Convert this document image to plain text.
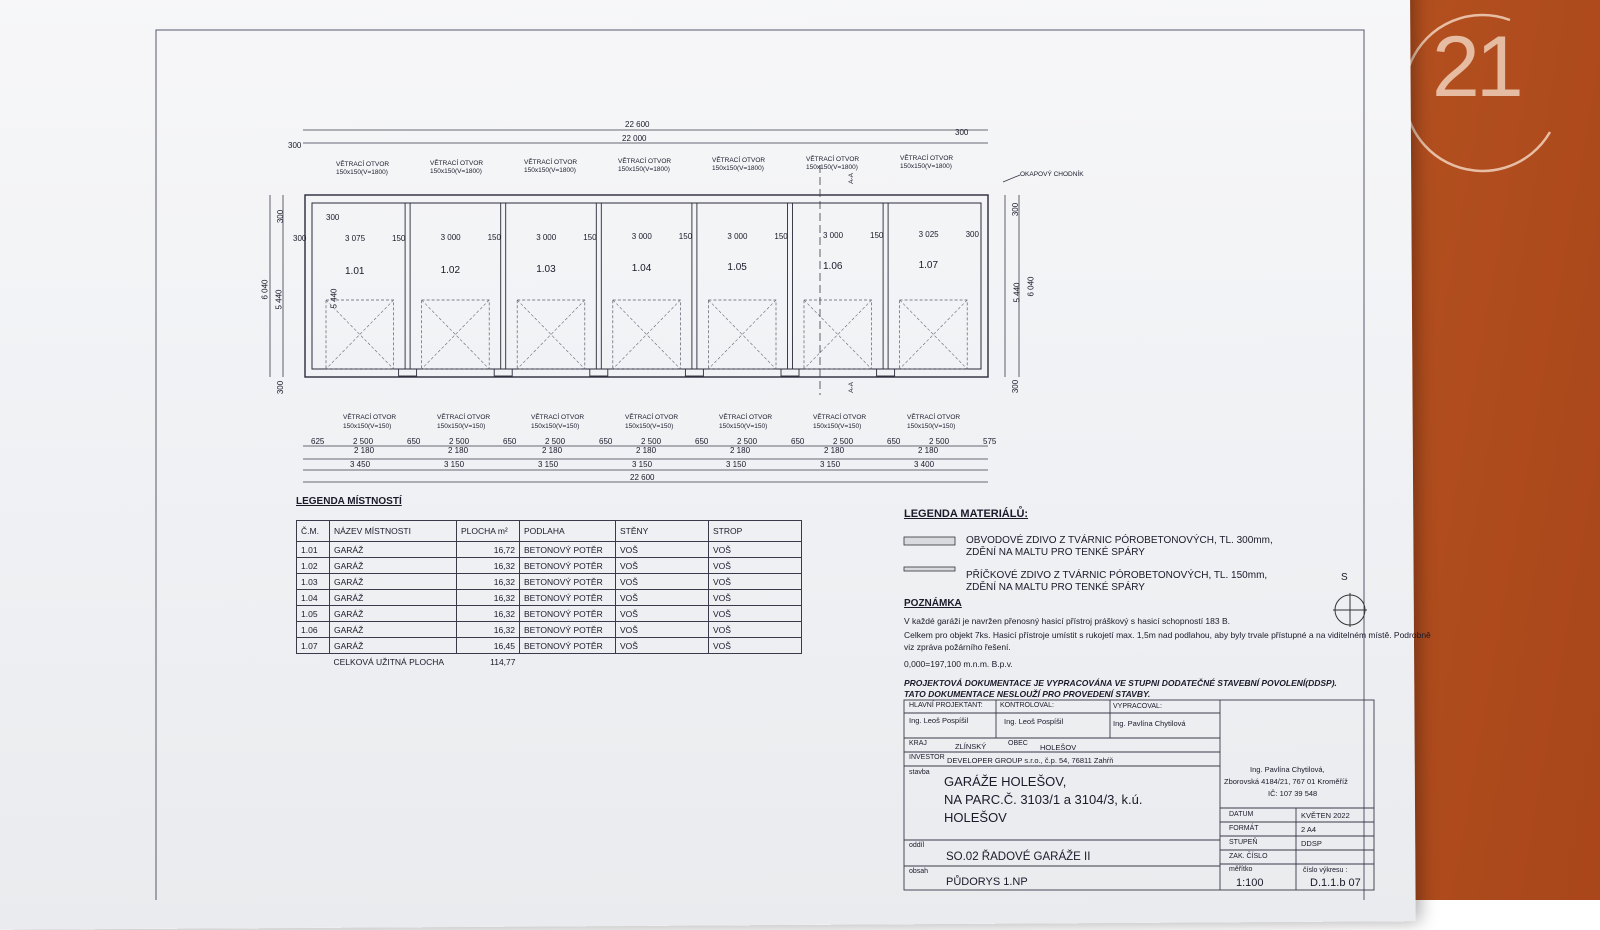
21
22 600
22 000
300
300
VĚTRACÍ OTVOR
150x150(V=1800)
VĚTRACÍ OTVOR
150x150(V=1800)
VĚTRACÍ OTVOR
150x150(V=1800)
VĚTRACÍ OTVOR
150x150(V=1800)
VĚTRACÍ OTVOR
150x150(V=1800)
VĚTRACÍ OTVOR
150x150(V=1800)
VĚTRACÍ OTVOR
150x150(V=1800)
VĚTRACÍ OTVOR
150x150(V=150)
VĚTRACÍ OTVOR
150x150(V=150)
VĚTRACÍ OTVOR
150x150(V=150)
VĚTRACÍ OTVOR
150x150(V=150)
VĚTRACÍ OTVOR
150x150(V=150)
VĚTRACÍ OTVOR
150x150(V=150)
VĚTRACÍ OTVOR
150x150(V=150)
1.01
3 075	150
1.02
3 000	150
1.03
3 000	150
1.04
3 000	150
1.05
3 000	150
1.06
3 000	150
1.07
3 025	300
OKAPOVÝ CHODNÍK
A-A
A-A
6 040 5 440
300
300
5 440
300
300
6 040
5 440
300
300
625	2 500	650	2 500	650	2 500	650	2 500	650	2 500	650	2 500	650	2 500	575
2 180	2 180	2 180	2 180	2 180	2 180	2 180
3 450	3 150	3 150	3 150	3 150	3 150	3 400
22 600
LEGENDA MÍSTNOSTÍ
Č.M.	NÁZEV MÍSTNOSTI	PLOCHA m²	PODLAHA	STĚNY	STROP
1.01	GARÁŽ	16,72	BETONOVÝ POTĚR	VOŠ	VOŠ
1.02	GARÁŽ	16,32	BETONOVÝ POTĚR	VOŠ	VOŠ
1.03	GARÁŽ	16,32	BETONOVÝ POTĚR	VOŠ	VOŠ
1.04	GARÁŽ	16,32	BETONOVÝ POTĚR	VOŠ	VOŠ
1.05	GARÁŽ	16,32	BETONOVÝ POTĚR	VOŠ	VOŠ
1.06	GARÁŽ	16,32	BETONOVÝ POTĚR	VOŠ	VOŠ
1.07	GARÁŽ	16,45	BETONOVÝ POTĚR	VOŠ	VOŠ
	CELKOVÁ UŽITNÁ PLOCHA	114,77			
LEGENDA MATERIÁLŮ:
OBVODOVÉ ZDIVO Z TVÁRNIC PÓROBETONOVÝCH, TL. 300mm,
ZDĚNÍ NA MALTU PRO TENKÉ SPÁRY
PŘÍČKOVÉ ZDIVO Z TVÁRNIC PÓROBETONOVÝCH, TL. 150mm,
ZDĚNÍ NA MALTU PRO TENKÉ SPÁRY
S
POZNÁMKA
V každé garáži je navržen přenosný hasicí přístroj práškový s hasicí schopností 183 B.
Celkem pro objekt 7ks. Hasicí přístroje umístit s rukojetí max. 1,5m nad podlahou, aby byly trvale přístupné a na viditelném místě. Podrobně
viz zpráva požárního řešení.
0,000=197,100 m.n.m. B.p.v.
PROJEKTOVÁ DOKUMENTACE JE VYPRACOVÁNA VE STUPNI DODATEČNÉ STAVEBNÍ POVOLENÍ(DDSP).
TATO DOKUMENTACE NESLOUŽÍ PRO PROVEDENÍ STAVBY.
HLAVNÍ PROJEKTANT:
Ing. Leoš Pospíšil
KONTROLOVAL:
Ing. Leoš Pospíšil
VYPRACOVAL:
Ing. Pavlína Chytilová
KRAJ	ZLÍNSKÝ	OBEC HOLEŠOV
INVESTOR DEVELOPER GROUP s.r.o., č.p. 54, 76811 Zahŕň
stavba
GARÁŽE HOLEŠOV,
NA PARC.Č. 3103/1 a 3104/3, k.ú.
HOLEŠOV
oddíl
SO.02 ŘADOVÉ GARÁŽE II
obsah
PŮDORYS 1.NP
Ing. Pavlína Chytilová,
Zborovská 4184/21, 767 01 Kroměříž
IČ: 107 39 548
DATUM	KVĚTEN 2022
FORMÁT	2 A4
STUPEŇ	DDSP
ZAK. ČÍSLO
měřítko
1:100
číslo výkresu :
D.1.1.b 07
